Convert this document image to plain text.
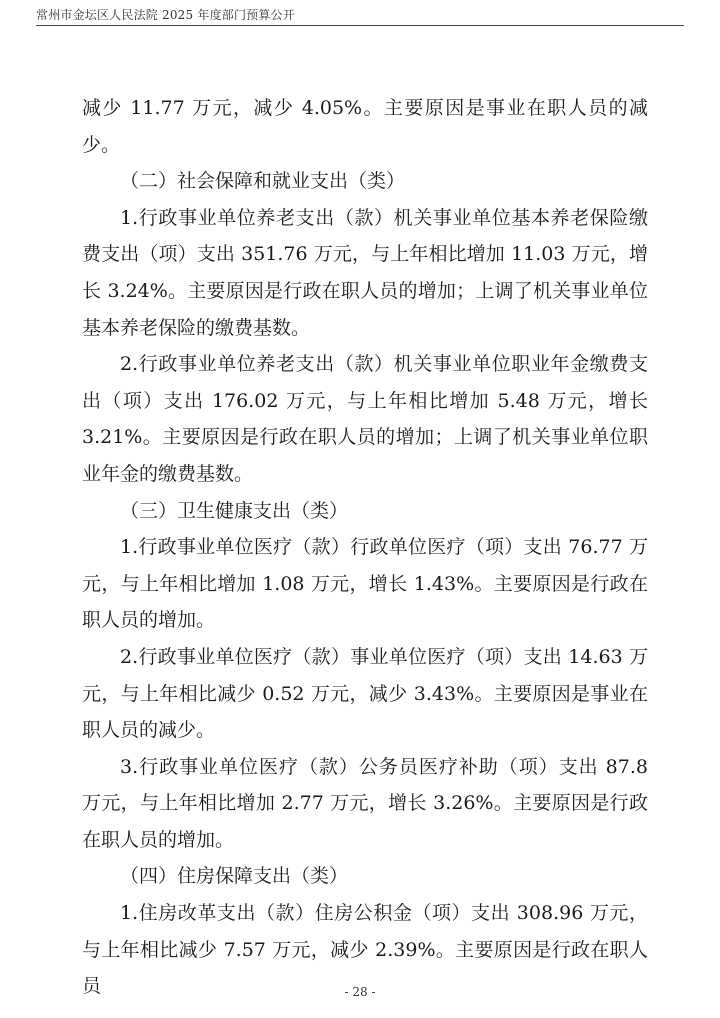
常州市金坛区人民法院 2025 年度部门预算公开

减少 11.77 万元，减少 4.05%。主要原因是事业在职人员的减少。

（二）社会保障和就业支出（类）

1.行政事业单位养老支出（款）机关事业单位基本养老保险缴费支出（项）支出 351.76 万元，与上年相比增加 11.03 万元，增长 3.24%。主要原因是行政在职人员的增加；上调了机关事业单位基本养老保险的缴费基数。

2.行政事业单位养老支出（款）机关事业单位职业年金缴费支出（项）支出 176.02 万元，与上年相比增加 5.48 万元，增长 3.21%。主要原因是行政在职人员的增加；上调了机关事业单位职业年金的缴费基数。

（三）卫生健康支出（类）

1.行政事业单位医疗（款）行政单位医疗（项）支出 76.77 万元，与上年相比增加 1.08 万元，增长 1.43%。主要原因是行政在职人员的增加。

2.行政事业单位医疗（款）事业单位医疗（项）支出 14.63 万元，与上年相比减少 0.52 万元，减少 3.43%。主要原因是事业在职人员的减少。

3.行政事业单位医疗（款）公务员医疗补助（项）支出 87.8 万元，与上年相比增加 2.77 万元，增长 3.26%。主要原因是行政在职人员的增加。

（四）住房保障支出（类）

1.住房改革支出（款）住房公积金（项）支出 308.96 万元，与上年相比减少 7.57 万元，减少 2.39%。主要原因是行政在职人员	- 28 -
